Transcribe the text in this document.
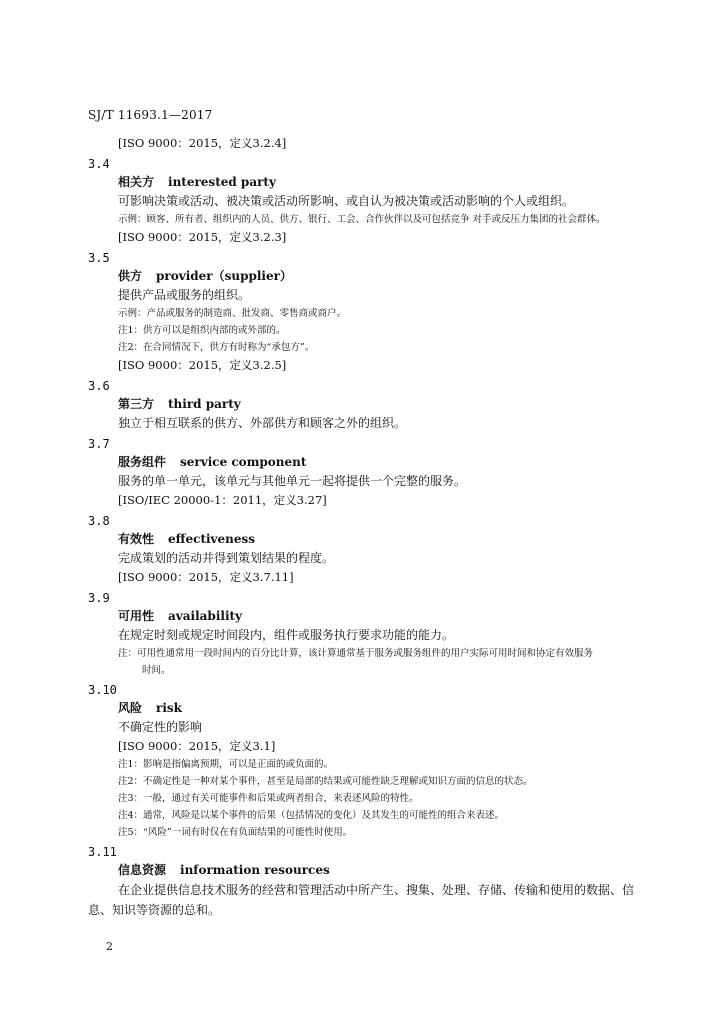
SJ/T 11693.1—2017
[ISO 9000：2015，定义3.2.4]
3.4
相关方 interested party
可影响决策或活动、被决策或活动所影响、或自认为被决策或活动影响的个人或组织。
示例：顾客、所有者、组织内的人员、供方、银行、工会、合作伙伴以及可包括竞争 对手或反压力集团的社会群体。
[ISO 9000：2015，定义3.2.3]
3.5
供方 provider（supplier）
提供产品或服务的组织。
示例：产品或服务的制造商、批发商、零售商或商户。
注1：供方可以是组织内部的或外部的。
注2：在合同情况下，供方有时称为“承包方”。
[ISO 9000：2015，定义3.2.5]
3.6
第三方 third party
独立于相互联系的供方、外部供方和顾客之外的组织。
3.7
服务组件 service component
服务的单一单元，该单元与其他单元一起将提供一个完整的服务。
[ISO/IEC 20000-1：2011，定义3.27]
3.8
有效性 effectiveness
完成策划的活动并得到策划结果的程度。
[ISO 9000：2015，定义3.7.11]
3.9
可用性 availability
在规定时刻或规定时间段内，组件或服务执行要求功能的能力。
注：可用性通常用一段时间内的百分比计算，该计算通常基于服务或服务组件的用户实际可用时间和协定有效服务
时间。
3.10
风险 risk
不确定性的影响
[ISO 9000：2015，定义3.1]
注1：影响是指偏离预期，可以是正面的或负面的。
注2：不确定性是一种对某个事件，甚至是局部的结果或可能性缺乏理解或知识方面的信息的状态。
注3：一般，通过有关可能事件和后果或两者组合，来表述风险的特性。
注4：通常，风险是以某个事件的后果（包括情况的变化）及其发生的可能性的组合来表述。
注5：“风险”一词有时仅在有负面结果的可能性时使用。
3.11
信息资源 information resources
在企业提供信息技术服务的经营和管理活动中所产生、搜集、处理、存储、传输和使用的数据、信息、知识等资源的总和。
2
